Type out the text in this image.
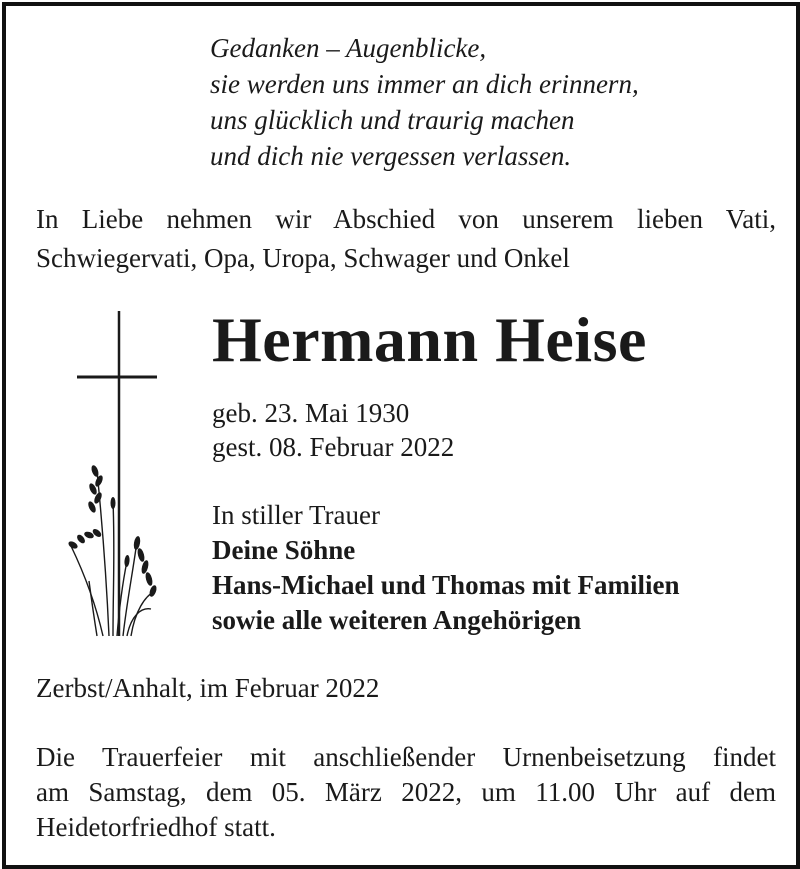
Gedanken – Augenblicke,
sie werden uns immer an dich erinnern,
uns glücklich und traurig machen
und dich nie vergessen verlassen.
In Liebe nehmen wir Abschied von unserem lieben Vati,
Schwiegervati, Opa, Uropa, Schwager und Onkel
Hermann Heise
geb. 23. Mai 1930
gest. 08. Februar 2022
In stiller Trauer
Deine Söhne
Hans-Michael und Thomas mit Familien
sowie alle weiteren Angehörigen
Zerbst/Anhalt, im Februar 2022
Die Trauerfeier mit anschließender Urnenbeisetzung findet
am Samstag, dem 05. März 2022, um 11.00 Uhr auf dem
Heidetorfriedhof statt.
